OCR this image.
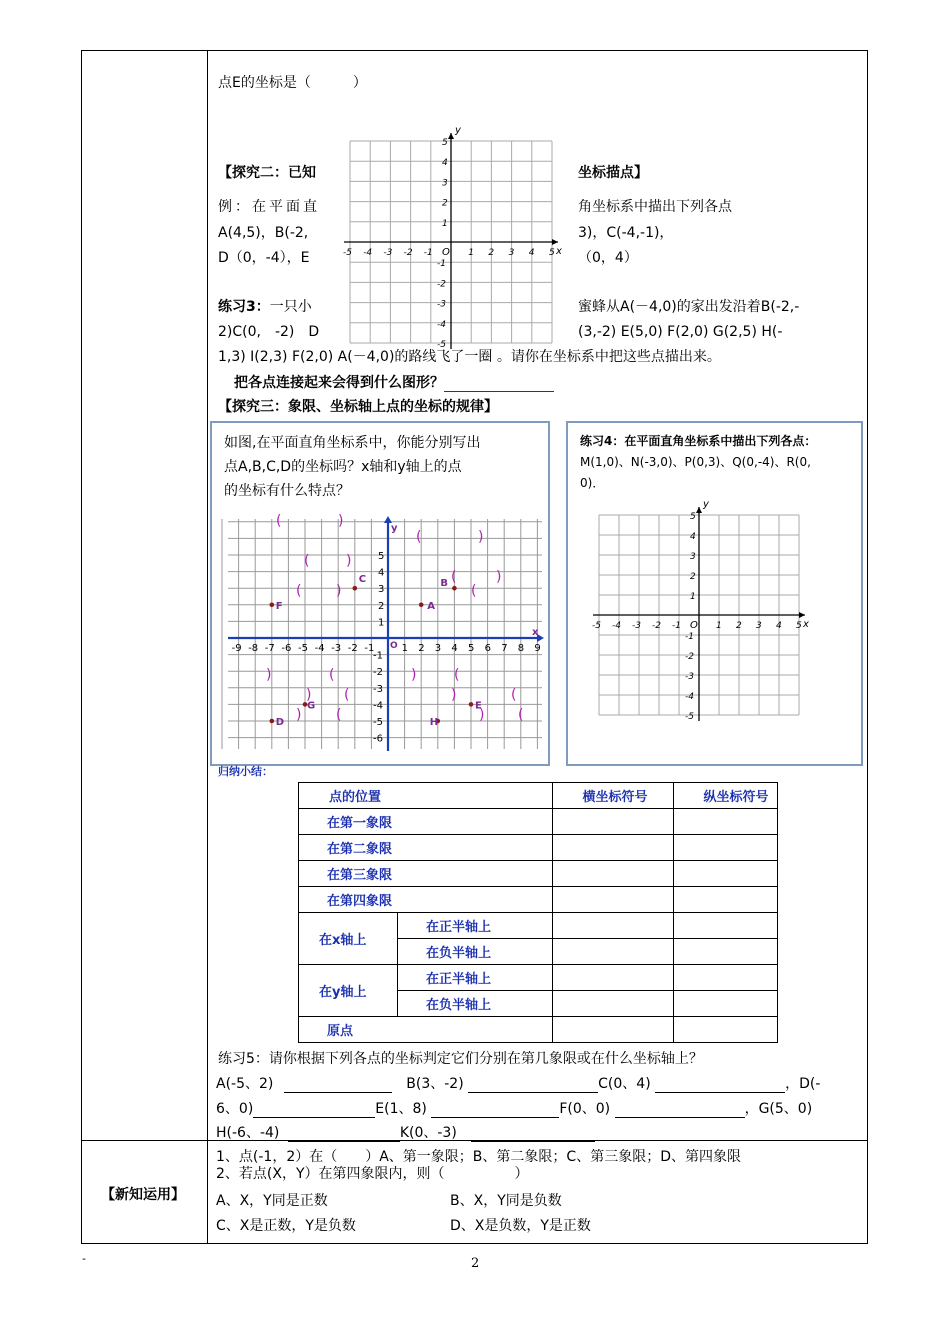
点E的坐标是（　　　）
-5 -4 -3 -2 -1	1 2 3 4 5
5
4
3
2
1
-1
-2
-3
-4
-5
O	x
y
【探究二：已知	坐标描点】
例：在平面直	角坐标系中描出下列各点
A(4,5)，B(-2,	3)，C(-4,-1)，
D（0，-4），E	（0，4）
练习3：一只小	蜜蜂从A(－4,0)的家出发沿着B(-2,-
2)C(0,　-2)　D	(3,-2) E(5,0) F(2,0) G(2,5) H(-
1,3) I(2,3) F(2,0) A(－4,0)的路线飞了一圈 。请你在坐标系中把这些点描出来。
把各点连接起来会得到什么图形？
【探究三：象限、坐标轴上点的坐标的规律】
如图,在平面直角坐标系中，你能分别写出
点A,B,C,D的坐标吗？x轴和y轴上的点
的坐标有什么特点？
x
y
O
-9 -8 -7 -6 -5 -4 -3 -2 -1	1 2 3 4 5 6 7 8 9
5
4
3
2
1
-1
-2
-3
-4
-5
-6
A
B
C
D
E
F
G
H
(	)
(	)
(	)
(	)
( )	(
)	(	)	(
) (	)	(
) (	) (
练习4：在平面直角坐标系中描出下列各点：
M(1,0)、N(-3,0)、P(0,3)、Q(0,-4)、R(0,
0)．
-5 -4 -3 -2 -1	1 2 3 4 5
5
4
3
2
1
-1
-2
-3
-4
-5
O	x
y
归纳小结：
点的位置		横坐标符号	纵坐标符号
在第一象限			
在第二象限			
在第三象限			
在第四象限			
在x轴上	在正半轴上		
	在负半轴上		
在y轴上	在正半轴上		
	在负半轴上		
原点			
练习5：请你根据下列各点的坐标判定它们分别在第几象限或在什么坐标轴上？
A(-5、2)	B(3、-2)	C(0、4)	，D(-
6、0)	E(1、8)	F(0、0)	，G(5、0)
H(-6、-4)	K(0、-3)
【新知运用】
1、点(-1，2）在（　　）A、第一象限；B、第二象限；C、第三象限；D、第四象限
2、若点(X，Y）在第四象限内，则（　　　　　）
A、X，Y同是正数	B、X，Y同是负数
C、X是正数，Y是负数	D、X是负数，Y是正数
-	2
